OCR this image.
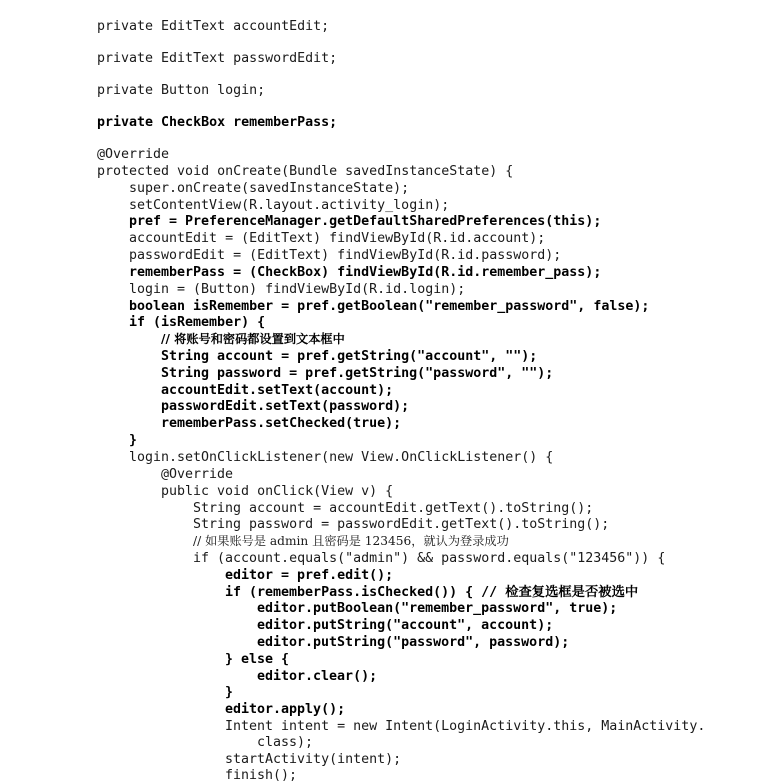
private EditText accountEdit;
private EditText passwordEdit;
private Button login;
private CheckBox rememberPass;
@Override
protected void onCreate(Bundle savedInstanceState) {
super.onCreate(savedInstanceState);
setContentView(R.layout.activity_login);
pref = PreferenceManager.getDefaultSharedPreferences(this);
accountEdit = (EditText) findViewById(R.id.account);
passwordEdit = (EditText) findViewById(R.id.password);
rememberPass = (CheckBox) findViewById(R.id.remember_pass);
login = (Button) findViewById(R.id.login);
boolean isRemember = pref.getBoolean("remember_password", false);
if (isRemember) {
// 将账号和密码都设置到文本框中
String account = pref.getString("account", "");
String password = pref.getString("password", "");
accountEdit.setText(account);
passwordEdit.setText(password);
rememberPass.setChecked(true);
}
login.setOnClickListener(new View.OnClickListener() {
@Override
public void onClick(View v) {
String account = accountEdit.getText().toString();
String password = passwordEdit.getText().toString();
// 如果账号是 admin 且密码是 123456，就认为登录成功
if (account.equals("admin") && password.equals("123456")) {
editor = pref.edit();
if (rememberPass.isChecked()) { // 检查复选框是否被选中
editor.putBoolean("remember_password", true);
editor.putString("account", account);
editor.putString("password", password);
} else {
editor.clear();
}
editor.apply();
Intent intent = new Intent(LoginActivity.this, MainActivity.
class);
startActivity(intent);
finish();
